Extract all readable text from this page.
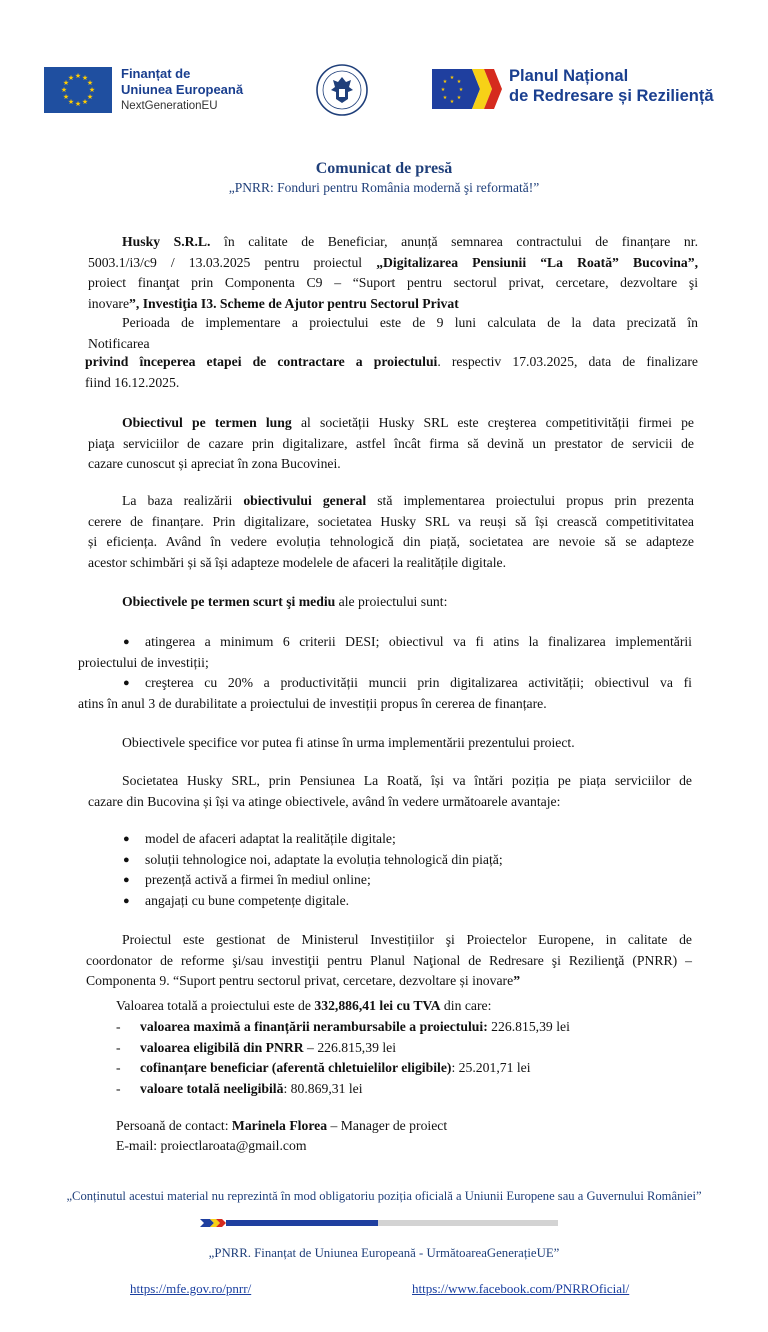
★ ★
★
★
★
★
★
★
★
★
★
★	Finanțat de
Uniunea Europeană
NextGenerationEU
★
★
★
★
★
★
★
★	Planul Național
de Redresare și Reziliență
Comunicat de presă
„PNRR: Fonduri pentru România modernă şi reformată!”
Husky S.R.L. în calitate de Beneficiar, anunță semnarea contractului de finanțare nr.
5003.1/i3/c9 / 13.03.2025 pentru proiectul „Digitalizarea Pensiunii “La Roată” Bucovina”,
proiect finanţat prin Componenta C9 – “Suport pentru sectorul privat, cercetare, dezvoltare şi
inovare”, Investiţia I3. Scheme de Ajutor pentru Sectorul Privat
Perioada de implementare a proiectului este de 9 luni calculata de la data precizată în
Notificarea
privind începerea etapei de contractare a proiectului. respectiv 17.03.2025, data de finalizare
fiind 16.12.2025.
Obiectivul pe termen lung al societății Husky SRL este creşterea competitivității firmei pe
piaţa serviciilor de cazare prin digitalizare, astfel încât firma să devină un prestator de servicii de
cazare cunoscut și apreciat în zona Bucovinei.
La baza realizării obiectivului general stă implementarea proiectului propus prin prezenta
cerere de finanțare. Prin digitalizare, societatea Husky SRL va reuși să își crească competitivitatea
și eficiența. Având în vedere evoluția tehnologică din piață, societatea are nevoie să se adapteze
acestor schimbări și să își adapteze modelele de afaceri la realitățile digitale.
Obiectivele pe termen scurt şi mediu ale proiectului sunt:
●	atingerea a minimum 6 criterii DESI; obiectivul va fi atins la finalizarea implementării
proiectului de investiții;
●	creşterea cu 20% a productivității muncii prin digitalizarea activității; obiectivul va fi
atins în anul 3 de durabilitate a proiectului de investiții propus în cererea de finanțare.
Obiectivele specifice vor putea fi atinse în urma implementării prezentului proiect.
Societatea Husky SRL, prin Pensiunea La Roată, își va întări poziția pe piața serviciilor de
cazare din Bucovina și își va atinge obiectivele, având în vedere următoarele avantaje:
● model de afaceri adaptat la realitățile digitale;
● soluții tehnologice noi, adaptate la evoluția tehnologică din piață;
● prezență activă a firmei în mediul online;
● angajați cu bune competențe digitale.
Proiectul este gestionat de Ministerul Investițiilor şi Proiectelor Europene, in calitate de
coordonator de reforme şi/sau investiţii pentru Planul Naţional de Redresare şi Rezilienţă (PNRR) –
Componenta 9. “Suport pentru sectorul privat, cercetare, dezvoltare și inovare”
Valoarea totală a proiectului este de 332,886,41 lei cu TVA din care:
- valoarea maximă a finanțării nerambursabile a proiectului: 226.815,39 lei
- valoarea eligibilă din PNRR – 226.815,39 lei
- cofinanțare beneficiar (aferentă chletuielilor eligibile): 25.201,71 lei
- valoare totală neeligibilă: 80.869,31 lei
Persoană de contact: Marinela Florea – Manager de proiect
E-mail: proiectlaroata@gmail.com
„Conținutul acestui material nu reprezintă în mod obligatoriu poziția oficială a Uniunii Europene sau a Guvernului României”
„PNRR. Finanțat de Uniunea Europeană - UrmătoareaGenerațieUE”
https://mfe.gov.ro/pnrr/	https://www.facebook.com/PNRROficial/
